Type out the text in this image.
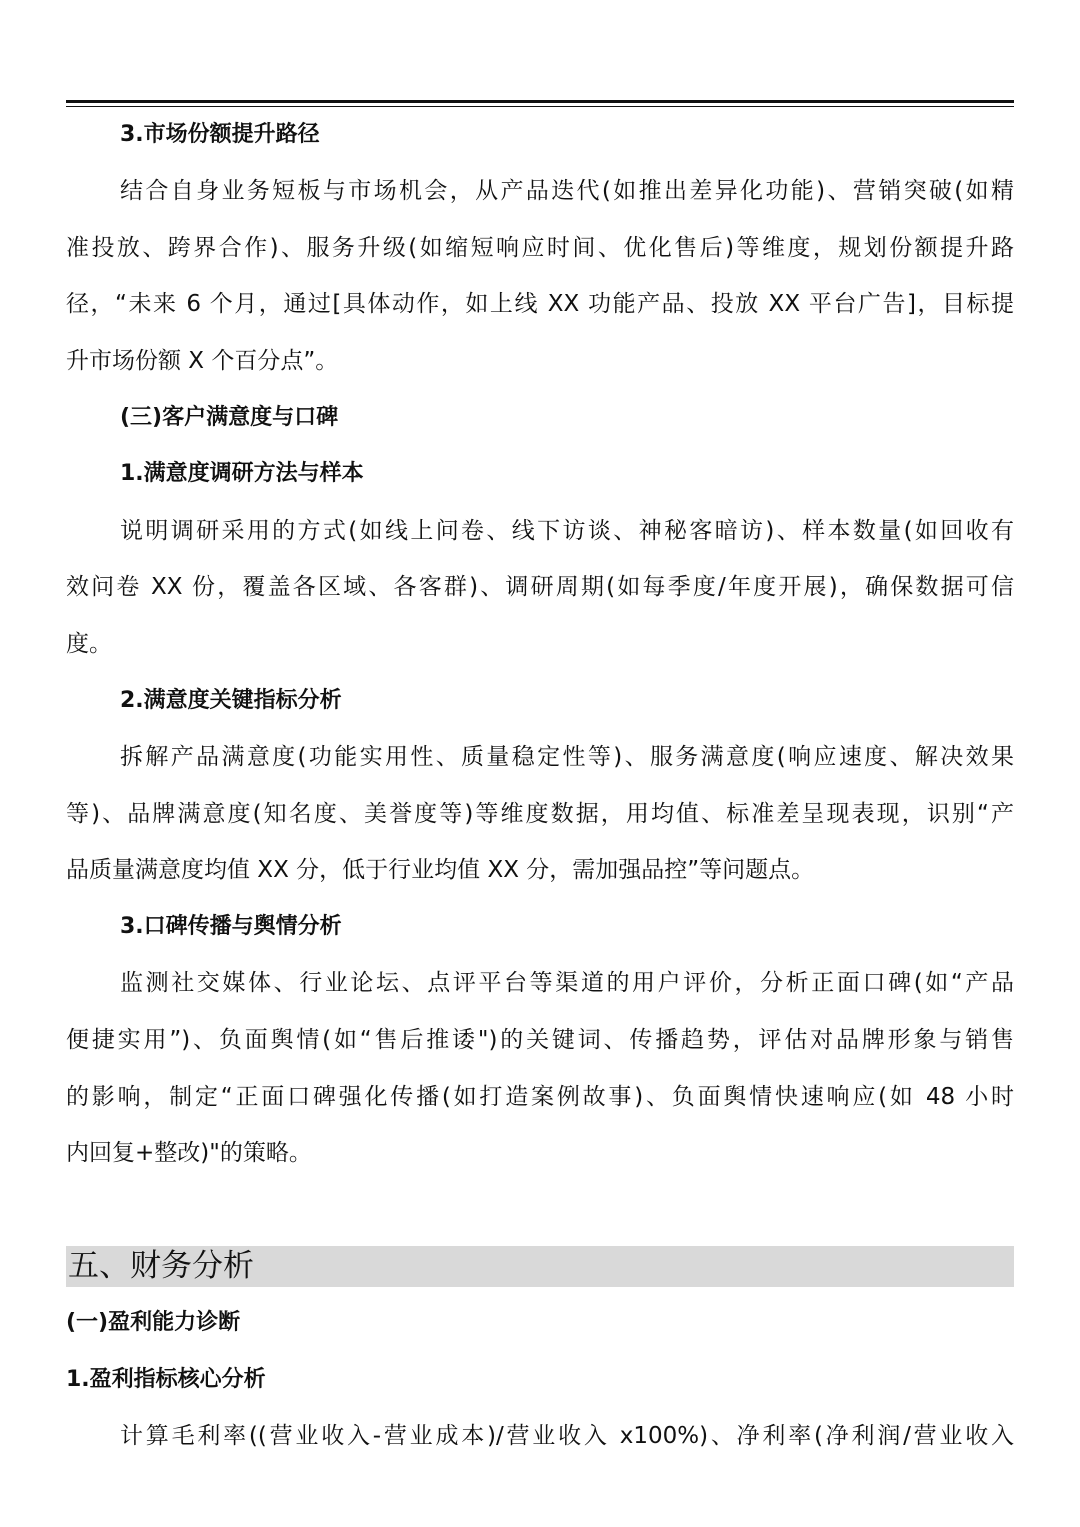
3.市场份额提升路径
结合自身业务短板与市场机会，从产品迭代(如推出差异化功能)、营销突破(如精
准投放、跨界合作)、服务升级(如缩短响应时间、优化售后)等维度，规划份额提升路
径，“未来 6 个月，通过[具体动作，如上线 XX 功能产品、投放 XX 平台广告]，目标提
升市场份额 X 个百分点”。
(三)客户满意度与口碑
1.满意度调研方法与样本
说明调研采用的方式(如线上问卷、线下访谈、神秘客暗访)、样本数量(如回收有
效问卷 XX 份，覆盖各区域、各客群)、调研周期(如每季度/年度开展)，确保数据可信
度。
2.满意度关键指标分析
拆解产品满意度(功能实用性、质量稳定性等)、服务满意度(响应速度、解决效果
等)、品牌满意度(知名度、美誉度等)等维度数据，用均值、标准差呈现表现，识别“产
品质量满意度均值 XX 分，低于行业均值 XX 分，需加强品控”等问题点。
3.口碑传播与舆情分析
监测社交媒体、行业论坛、点评平台等渠道的用户评价，分析正面口碑(如“产品
便捷实用”)、负面舆情(如“售后推诿")的关键词、传播趋势，评估对品牌形象与销售
的影响，制定“正面口碑强化传播(如打造案例故事)、负面舆情快速响应(如 48 小时
内回复+整改)"的策略。
五、财务分析
(一)盈利能力诊断
1.盈利指标核心分析
计算毛利率((营业收入-营业成本)/营业收入 x100%)、净利率(净利润/营业收入
